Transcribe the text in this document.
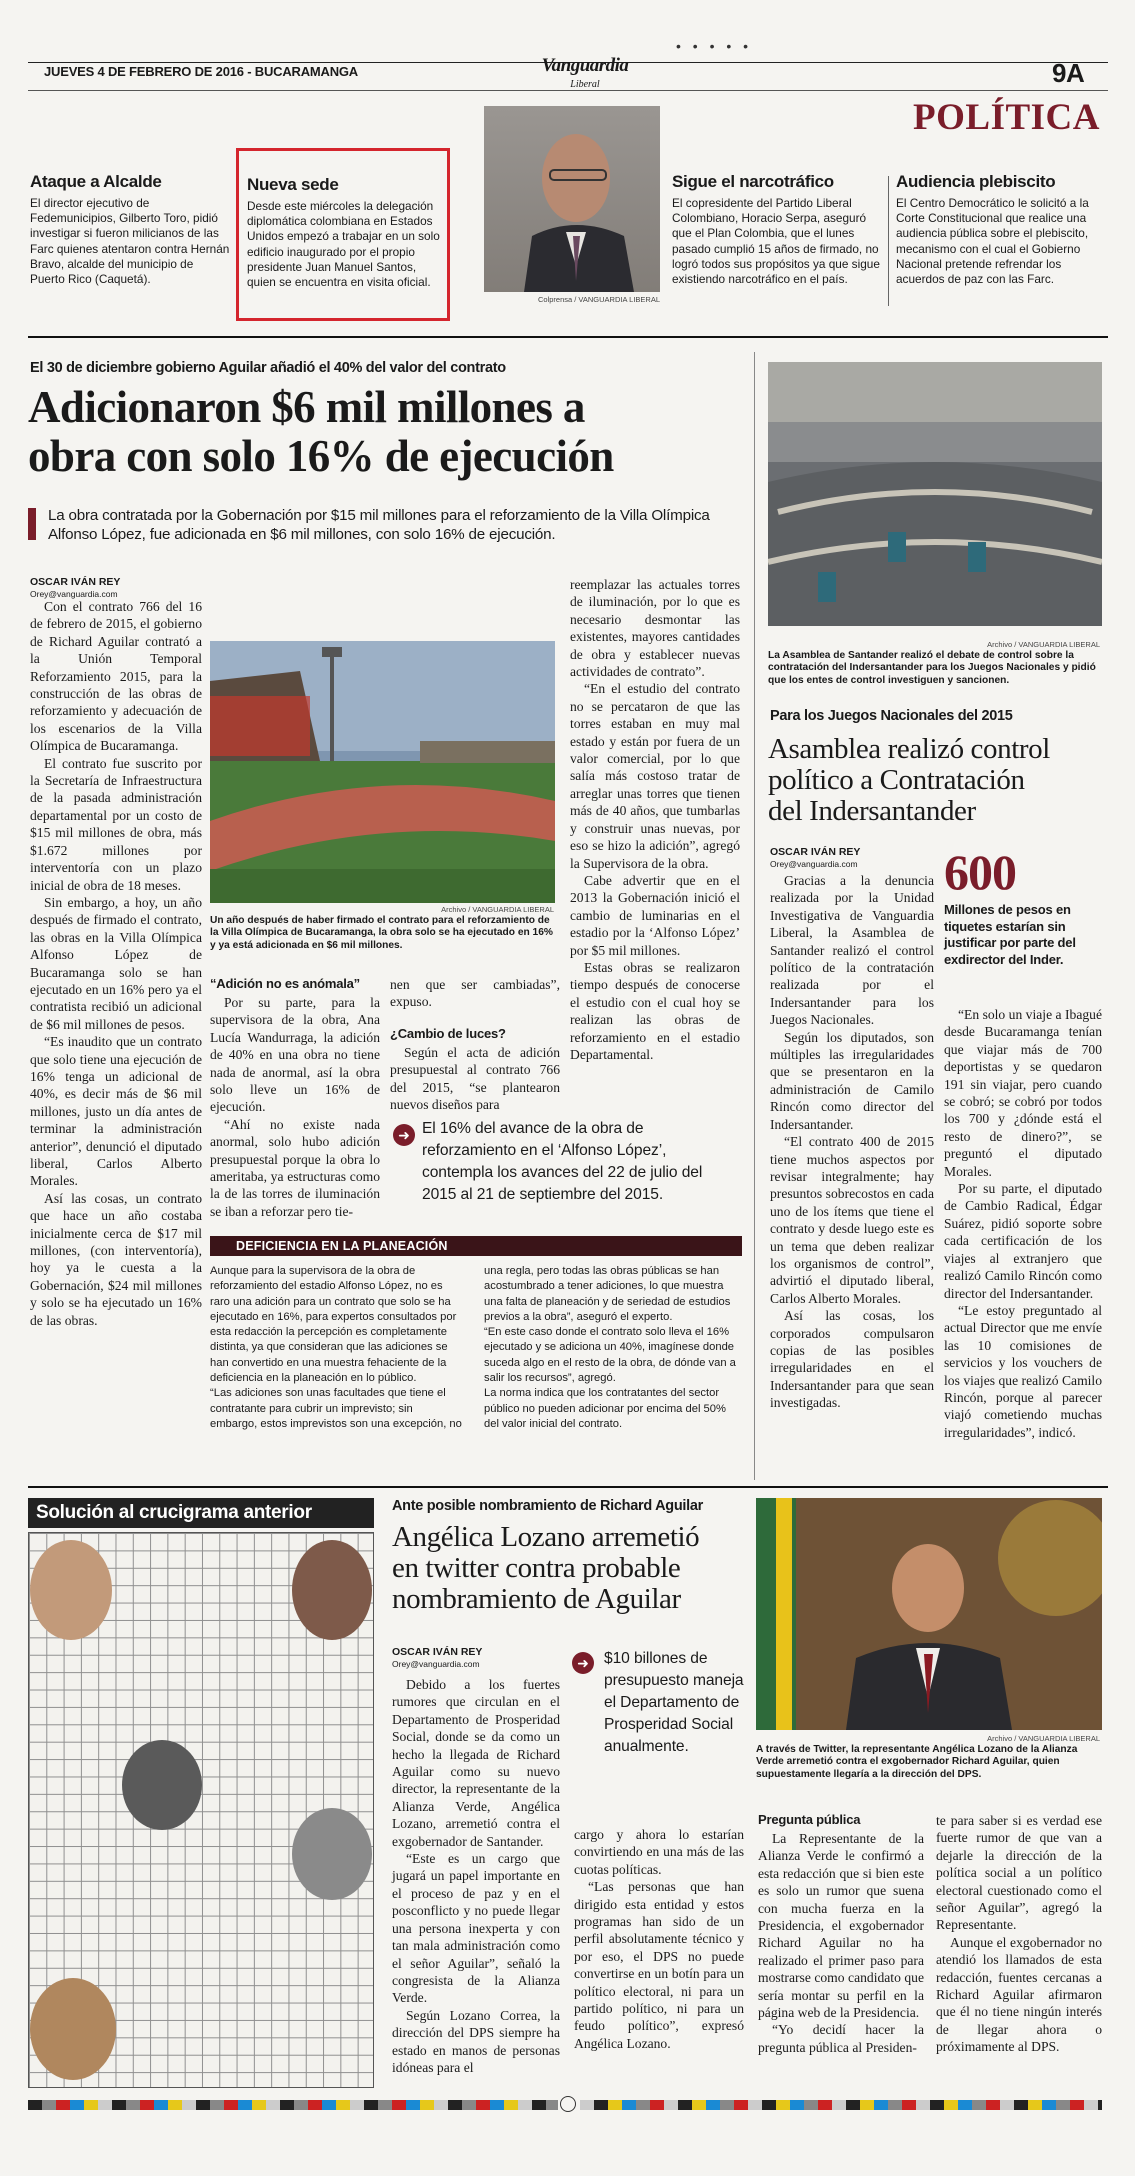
• • • • •
JUEVES 4 DE FEBRERO DE 2016 - BUCARAMANGA	Vanguardia
Liberal	9A
POLÍTICA
Ataque a Alcalde

El director ejecutivo de Fedemunicipios, Gilberto Toro, pidió investigar si fueron milicianos de las Farc quienes atentaron contra Hernán Bravo, alcalde del municipio de Puerto Rico (Caquetá).

Nueva sede

Desde este miércoles la delegación diplomática colombiana en Estados Unidos empezó a trabajar en un solo edificio inaugurado por el propio presidente Juan Manuel Santos, quien se encuentra en visita oficial.

Colprensa / VANGUARDIA LIBERAL
Sigue el narcotráfico

El copresidente del Partido Liberal Colombiano, Horacio Serpa, aseguró que el Plan Colombia, que el lunes pasado cumplió 15 años de firmado, no logró todos sus propósitos ya que sigue existiendo narcotráfico en el país.

Audiencia plebiscito

El Centro Democrático le solicitó a la Corte Constitucional que realice una audiencia pública sobre el plebiscito, mecanismo con el cual el Gobierno Nacional pretende refrendar los acuerdos de paz con las Farc.

El 30 de diciembre gobierno Aguilar añadió el 40% del valor del contrato
Adicionaron $6 mil millones a
obra con solo 16% de ejecución
La obra contratada por la Gobernación por $15 mil millones para el reforzamiento de la Villa Olímpica Alfonso López, fue adicionada en $6 mil millones, con solo 16% de ejecución.
OSCAR IVÁN REY
Orey@vanguardia.com

Con el contrato 766 del 16 de febrero de 2015, el gobierno de Richard Aguilar contrató a la Unión Temporal Reforzamiento 2015, para la construcción de las obras de reforzamiento y adecuación de los escenarios de la Villa Olímpica de Bucaramanga.

El contrato fue suscrito por la Secretaría de Infraestructura de la pasada administración departamental por un costo de $15 mil millones de obra, más $1.672 millones por interventoría con un plazo inicial de obra de 18 meses.

Sin embargo, a hoy, un año después de firmado el contrato, las obras en la Villa Olímpica Alfonso López de Bucaramanga solo se han ejecutado en un 16% pero ya el contratista recibió un adicional de $6 mil millones de pesos.

“Es inaudito que un contrato que solo tiene una ejecución de 16% tenga un adicional de 40%, es decir más de $6 mil millones, justo un día antes de terminar la administración anterior”, denunció el diputado liberal, Carlos Alberto Morales.

Así las cosas, un contrato que hace un año costaba inicialmente cerca de $17 mil millones, (con interventoría), hoy ya le cuesta a la Gobernación, $24 mil millones y solo se ha ejecutado un 16% de las obras.

Archivo / VANGUARDIA LIBERAL
Un año después de haber firmado el contrato para el reforzamiento de la Villa Olímpica de Bucaramanga, la obra solo se ha ejecutado en 16% y ya está adicionada en $6 mil millones.
“Adición no es anómala”

Por su parte, para la supervisora de la obra, Ana Lucía Wandurraga, la adición de 40% en una obra no tiene nada de anormal, así la obra solo lleve un 16% de ejecución.

“Ahí no existe nada anormal, solo hubo adición presupuestal porque la obra lo ameritaba, ya estructuras como la de las torres de iluminación se iban a reforzar pero tie-

nen que ser cambiadas”, expuso.

¿Cambio de luces?

Según el acta de adición presupuestal al contrato 766 del 2015, “se plantearon nuevos diseños para

reemplazar las actuales torres de iluminación, por lo que es necesario desmontar las existentes, mayores cantidades de obra y establecer nuevas actividades de contrato”.

“En el estudio del contrato no se percataron de que las torres estaban en muy mal estado y están por fuera de un valor comercial, por lo que salía más costoso tratar de arreglar unas torres que tienen más de 40 años, que tumbarlas y construir unas nuevas, por eso se hizo la adición”, agregó la Supervisora de la obra.

Cabe advertir que en el 2013 la Gobernación inició el cambio de luminarias en el estadio por la ‘Alfonso López’ por $5 mil millones.

Estas obras se realizaron tiempo después de conocerse el estudio con el cual hoy se realizan las obras de reforzamiento en el estadio Departamental.

➜ El 16% del avance de la obra de reforzamiento en el ‘Alfonso López’, contempla los avances del 22 de julio del 2015 al 21 de septiembre del 2015.
DEFICIENCIA EN LA PLANEACIÓN

Aunque para la supervisora de la obra de reforzamiento del estadio Alfonso López, no es raro una adición para un contrato que solo se ha ejecutado en 16%, para expertos consultados por esta redacción la percepción es completamente distinta, ya que consideran que las adiciones se han convertido en una muestra fehaciente de la deficiencia en la planeación en lo público.

“Las adiciones son unas facultades que tiene el contratante para cubrir un imprevisto; sin embargo, estos imprevistos son una excepción, no

una regla, pero todas las obras públicas se han acostumbrado a tener adiciones, lo que muestra una falta de planeación y de seriedad de estudios previos a la obra”, aseguró el experto.

“En este caso donde el contrato solo lleva el 16% ejecutado y se adiciona un 40%, imagínese donde suceda algo en el resto de la obra, de dónde van a salir los recursos”, agregó.

La norma indica que los contratantes del sector público no pueden adicionar por encima del 50% del valor inicial del contrato.

Archivo / VANGUARDIA LIBERAL
La Asamblea de Santander realizó el debate de control sobre la contratación del Indersantander para los Juegos Nacionales y pidió que los entes de control investiguen y sancionen.
Para los Juegos Nacionales del 2015
Asamblea realizó control
político a Contratación
del Indersantander
OSCAR IVÁN REY
Orey@vanguardia.com

Gracias a la denuncia realizada por la Unidad Investigativa de Vanguardia Liberal, la Asamblea de Santander realizó el control político de la contratación realizada por el Indersantander para los Juegos Nacionales.

Según los diputados, son múltiples las irregularidades que se presentaron en la administración de Camilo Rincón como director del Indersantander.

“El contrato 400 de 2015 tiene muchos aspectos por revisar integralmente; hay presuntos sobrecostos en cada uno de los ítems que tiene el contrato y desde luego este es un tema que deben realizar los organismos de control”, advirtió el diputado liberal, Carlos Alberto Morales.

Así las cosas, los corporados compulsaron copias de las posibles irregularidades en el Indersantander para que sean investigadas.

600
Millones de pesos en tiquetes estarían sin justificar por parte del exdirector del Inder.

“En solo un viaje a Ibagué desde Bucaramanga tenían que viajar más de 700 deportistas y se quedaron 191 sin viajar, pero cuando se cobró; se cobró por todos los 700 y ¿dónde está el resto de dinero?”, se preguntó el diputado Morales.

Por su parte, el diputado de Cambio Radical, Édgar Suárez, pidió soporte sobre cada certificación de los viajes al extranjero que realizó Camilo Rincón como director del Indersantander.

“Le estoy preguntado al actual Director que me envíe las 10 comisiones de servicios y los vouchers de los viajes que realizó Camilo Rincón, porque al parecer viajó cometiendo muchas irregularidades”, indicó.

Solución al crucigrama anterior	Ante posible nombramiento de Richard Aguilar
Angélica Lozano arremetió
en twitter contra probable
nombramiento de Aguilar
OSCAR IVÁN REY
Orey@vanguardia.com

Debido a los fuertes rumores que circulan en el Departamento de Prosperidad Social, donde se da como un hecho la llegada de Richard Aguilar como su nuevo director, la representante de la Alianza Verde, Angélica Lozano, arremetió contra el exgobernador de Santander.

“Este es un cargo que jugará un papel importante en el proceso de paz y en el posconflicto y no puede llegar una persona inexperta y con tan mala administración como el señor Aguilar”, señaló la congresista de la Alianza Verde.

Según Lozano Correa, la dirección del DPS siempre ha estado en manos de personas idóneas para el

➜ $10 billones de presupuesto maneja el Departamento de Prosperidad Social anualmente.

cargo y ahora lo estarían convirtiendo en una más de las cuotas políticas.

“Las personas que han dirigido esta entidad y estos programas han sido de un perfil absolutamente técnico y por eso, el DPS no puede convertirse en un botín para un político electoral, ni para un partido político, ni para un feudo político”, expresó Angélica Lozano.

Archivo / VANGUARDIA LIBERAL
A través de Twitter, la representante Angélica Lozano de la Alianza Verde arremetió contra el exgobernador Richard Aguilar, quien supuestamente llegaría a la dirección del DPS.
Pregunta pública

La Representante de la Alianza Verde le confirmó a esta redacción que si bien este es solo un rumor que suena con mucha fuerza en la Presidencia, el exgobernador Richard Aguilar no ha realizado el primer paso para mostrarse como candidato que sería montar su perfil en la página web de la Presidencia.

“Yo decidí hacer la pregunta pública al Presiden-

te para saber si es verdad ese fuerte rumor de que van a dejarle la dirección de la política social a un político electoral cuestionado como el señor Aguilar”, agregó la Representante.

Aunque el exgobernador no atendió los llamados de esta redacción, fuentes cercanas a Richard Aguilar afirmaron que él no tiene ningún interés de llegar ahora o próximamente al DPS.
